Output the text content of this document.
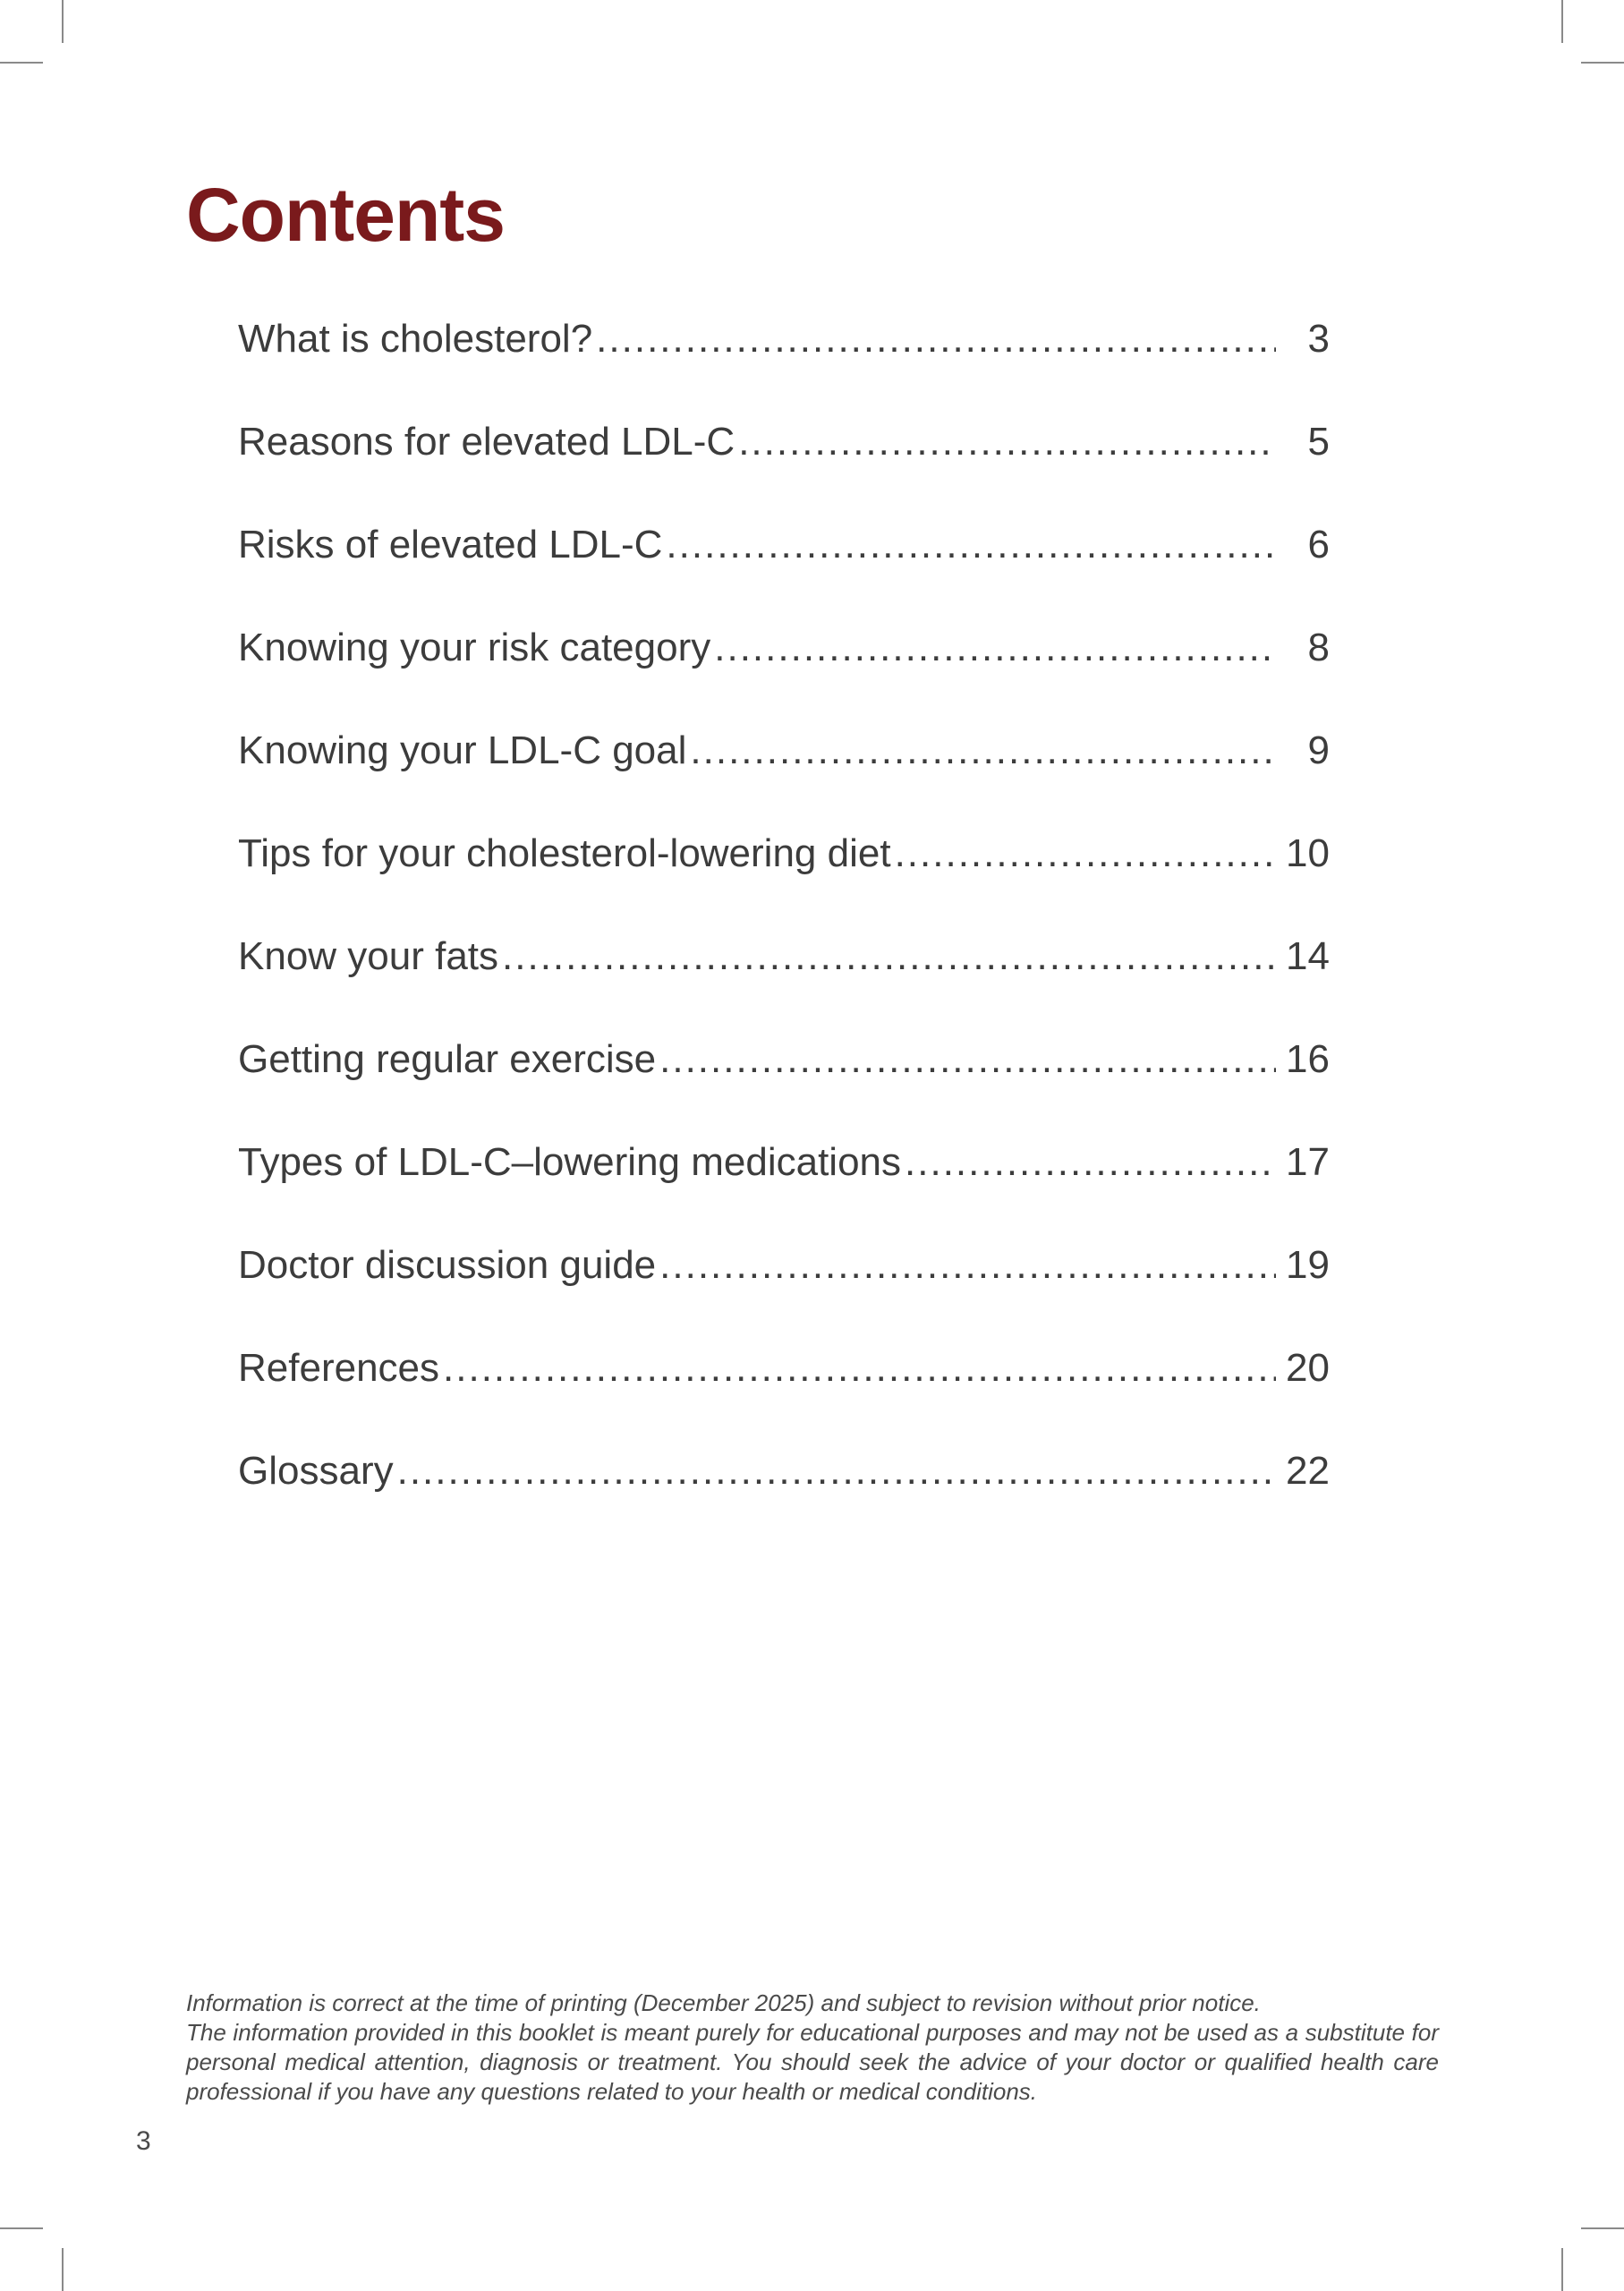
Contents
What is cholesterol? .....	3
Reasons for elevated LDL-C .....	5
Risks of elevated LDL-C .....	6
Knowing your risk category .....	8
Knowing your LDL-C goal .....	9
Tips for your cholesterol-lowering diet .....	10
Know your fats .....	14
Getting regular exercise .....	16
Types of LDL-C–lowering medications .....	17
Doctor discussion guide .....	19
References .....	20
Glossary .....	22

Information is correct at the time of printing (December 2025) and subject to revision without prior notice.

The information provided in this booklet is meant purely for educational purposes and may not be used as a substitute for personal medical attention, diagnosis or treatment. You should seek the advice of your doctor or qualified health care professional if you have any questions related to your health or medical conditions.

3
